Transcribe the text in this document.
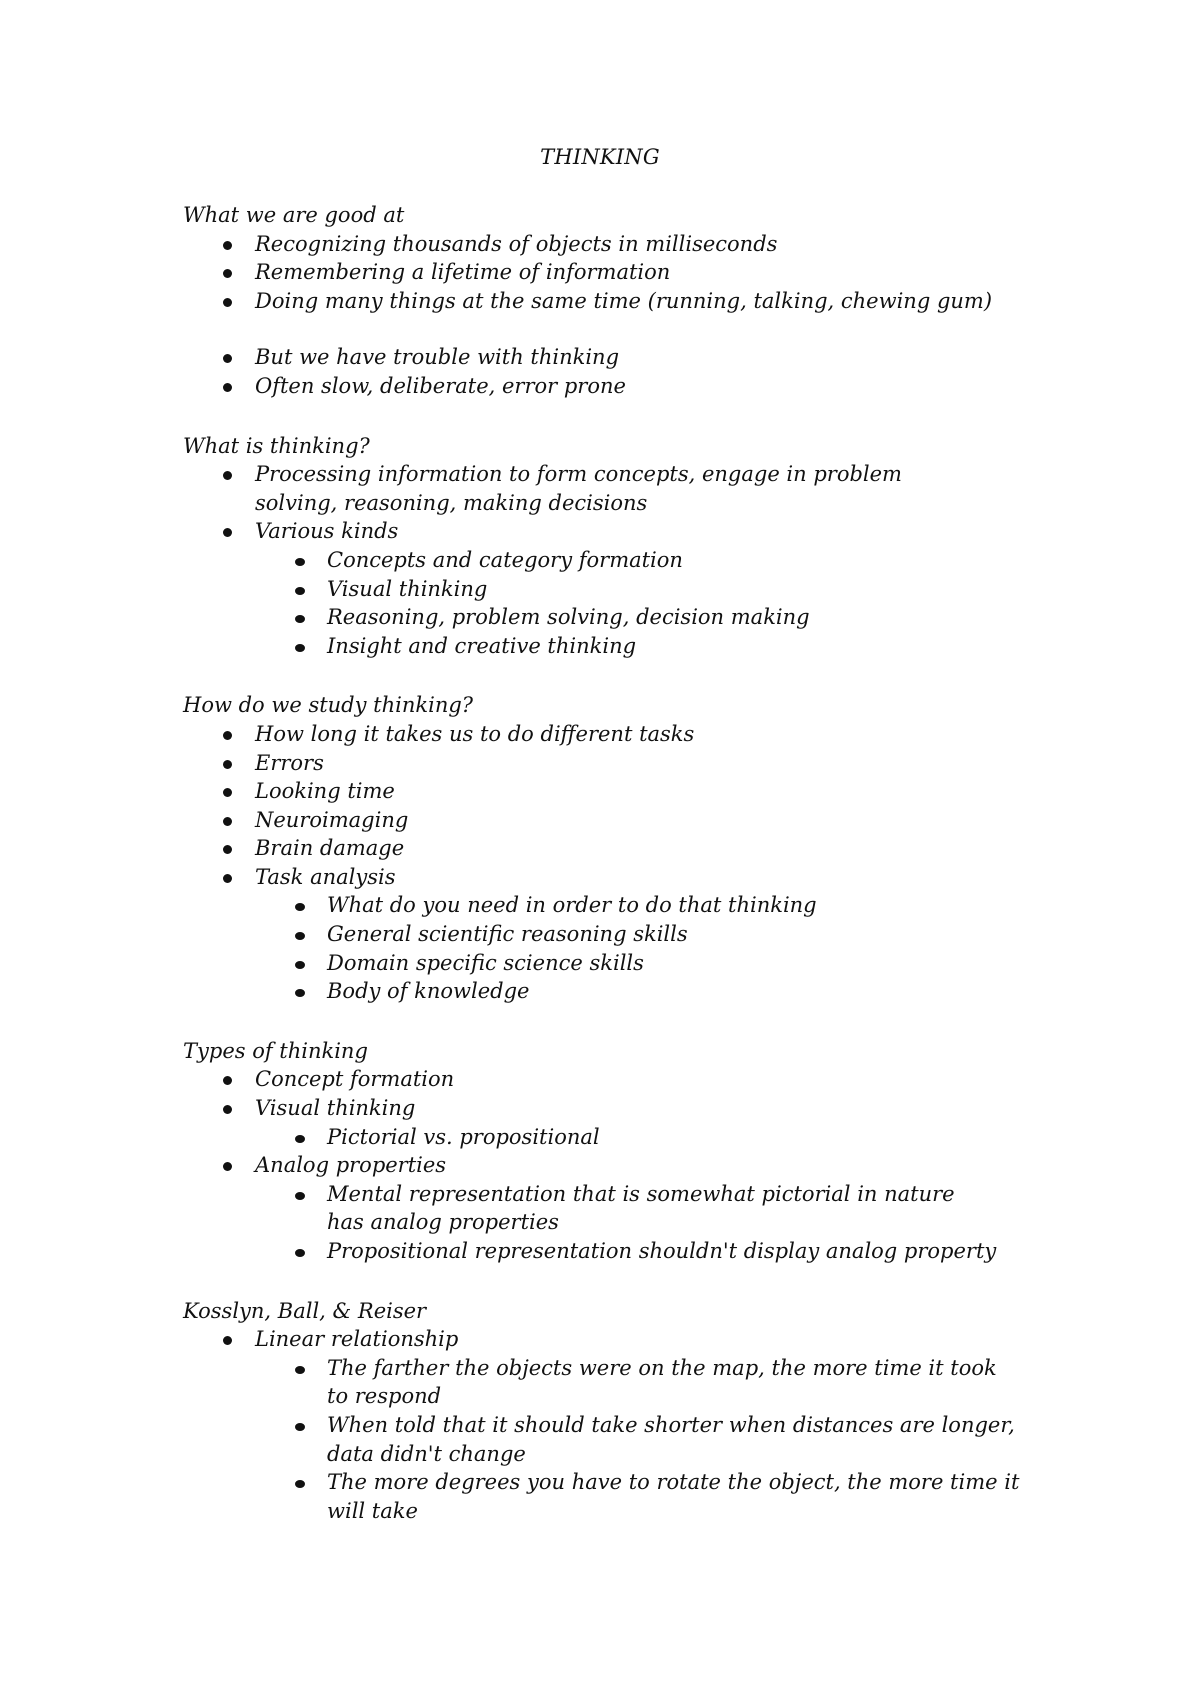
THINKING

What we are good at

Recognizing thousands of objects in milliseconds
Remembering a lifetime of information
Doing many things at the same time (running, talking, chewing gum)
But we have trouble with thinking
Often slow, deliberate, error prone

What is thinking?

Processing information to form concepts, engage in problem solving, reasoning, making decisions
Various kinds
Concepts and category formation
Visual thinking
Reasoning, problem solving, decision making
Insight and creative thinking

How do we study thinking?

How long it takes us to do different tasks
Errors
Looking time
Neuroimaging
Brain damage
Task analysis
What do you need in order to do that thinking
General scientific reasoning skills
Domain specific science skills
Body of knowledge

Types of thinking

Concept formation
Visual thinking
Pictorial vs. propositional
Analog properties
Mental representation that is somewhat pictorial in nature has analog properties
Propositional representation shouldn't display analog property

Kosslyn, Ball, & Reiser

Linear relationship
The farther the objects were on the map, the more time it took to respond
When told that it should take shorter when distances are longer, data didn't change
The more degrees you have to rotate the object, the more time it will take
